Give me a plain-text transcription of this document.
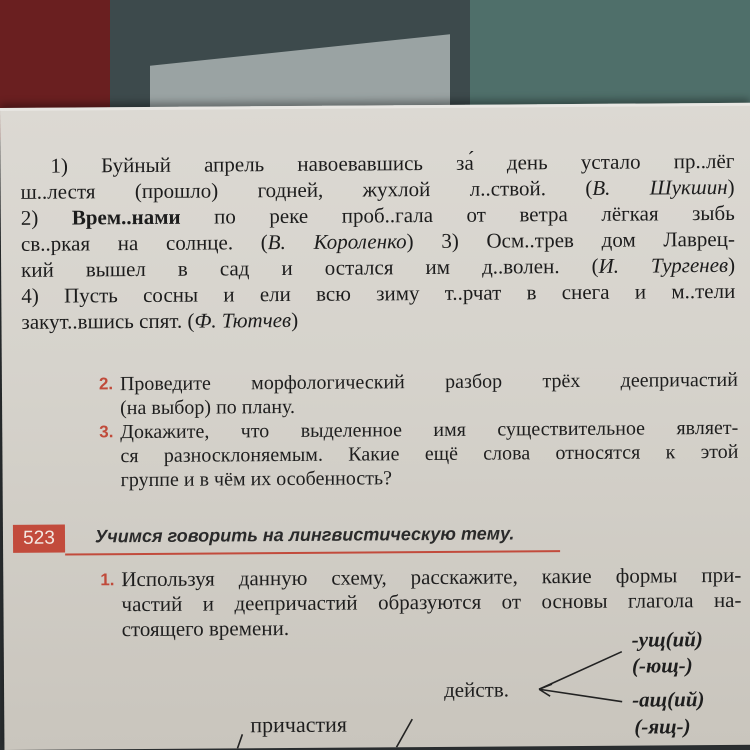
1) Буйный апрель навоевавшись за́ день устало пр..лёг
ш..лестя (прошло) годней, жухлой л..ствой. (В. Шукшин)
2) Врем..нами по реке проб..гала от ветра лёгкая зыбь
св..ркая на солнце. (В. Короленко) 3) Осм..трев дом Лаврец-
кий вышел в сад и остался им д..волен. (И. Тургенев)
4) Пусть сосны и ели всю зиму т..рчат в снега и м..тели
закут..вшись спят. (Ф. Тютчев)
2. Проведите морфологический разбор трёх деепричастий
(на выбор) по плану.
3. Докажите, что выделенное имя существительное являет-
ся разносклоняемым. Какие ещё слова относятся к этой
группе и в чём их особенность?
523	Учимся говорить на лингвистическую тему.
1. Используя данную схему, расскажите, какие формы при-
частий и деепричастий образуются от основы глагола на-
стоящего времени.
действ.
причастия
-ущ(ий)
(-ющ-)
-ащ(ий)
(-ящ-)
